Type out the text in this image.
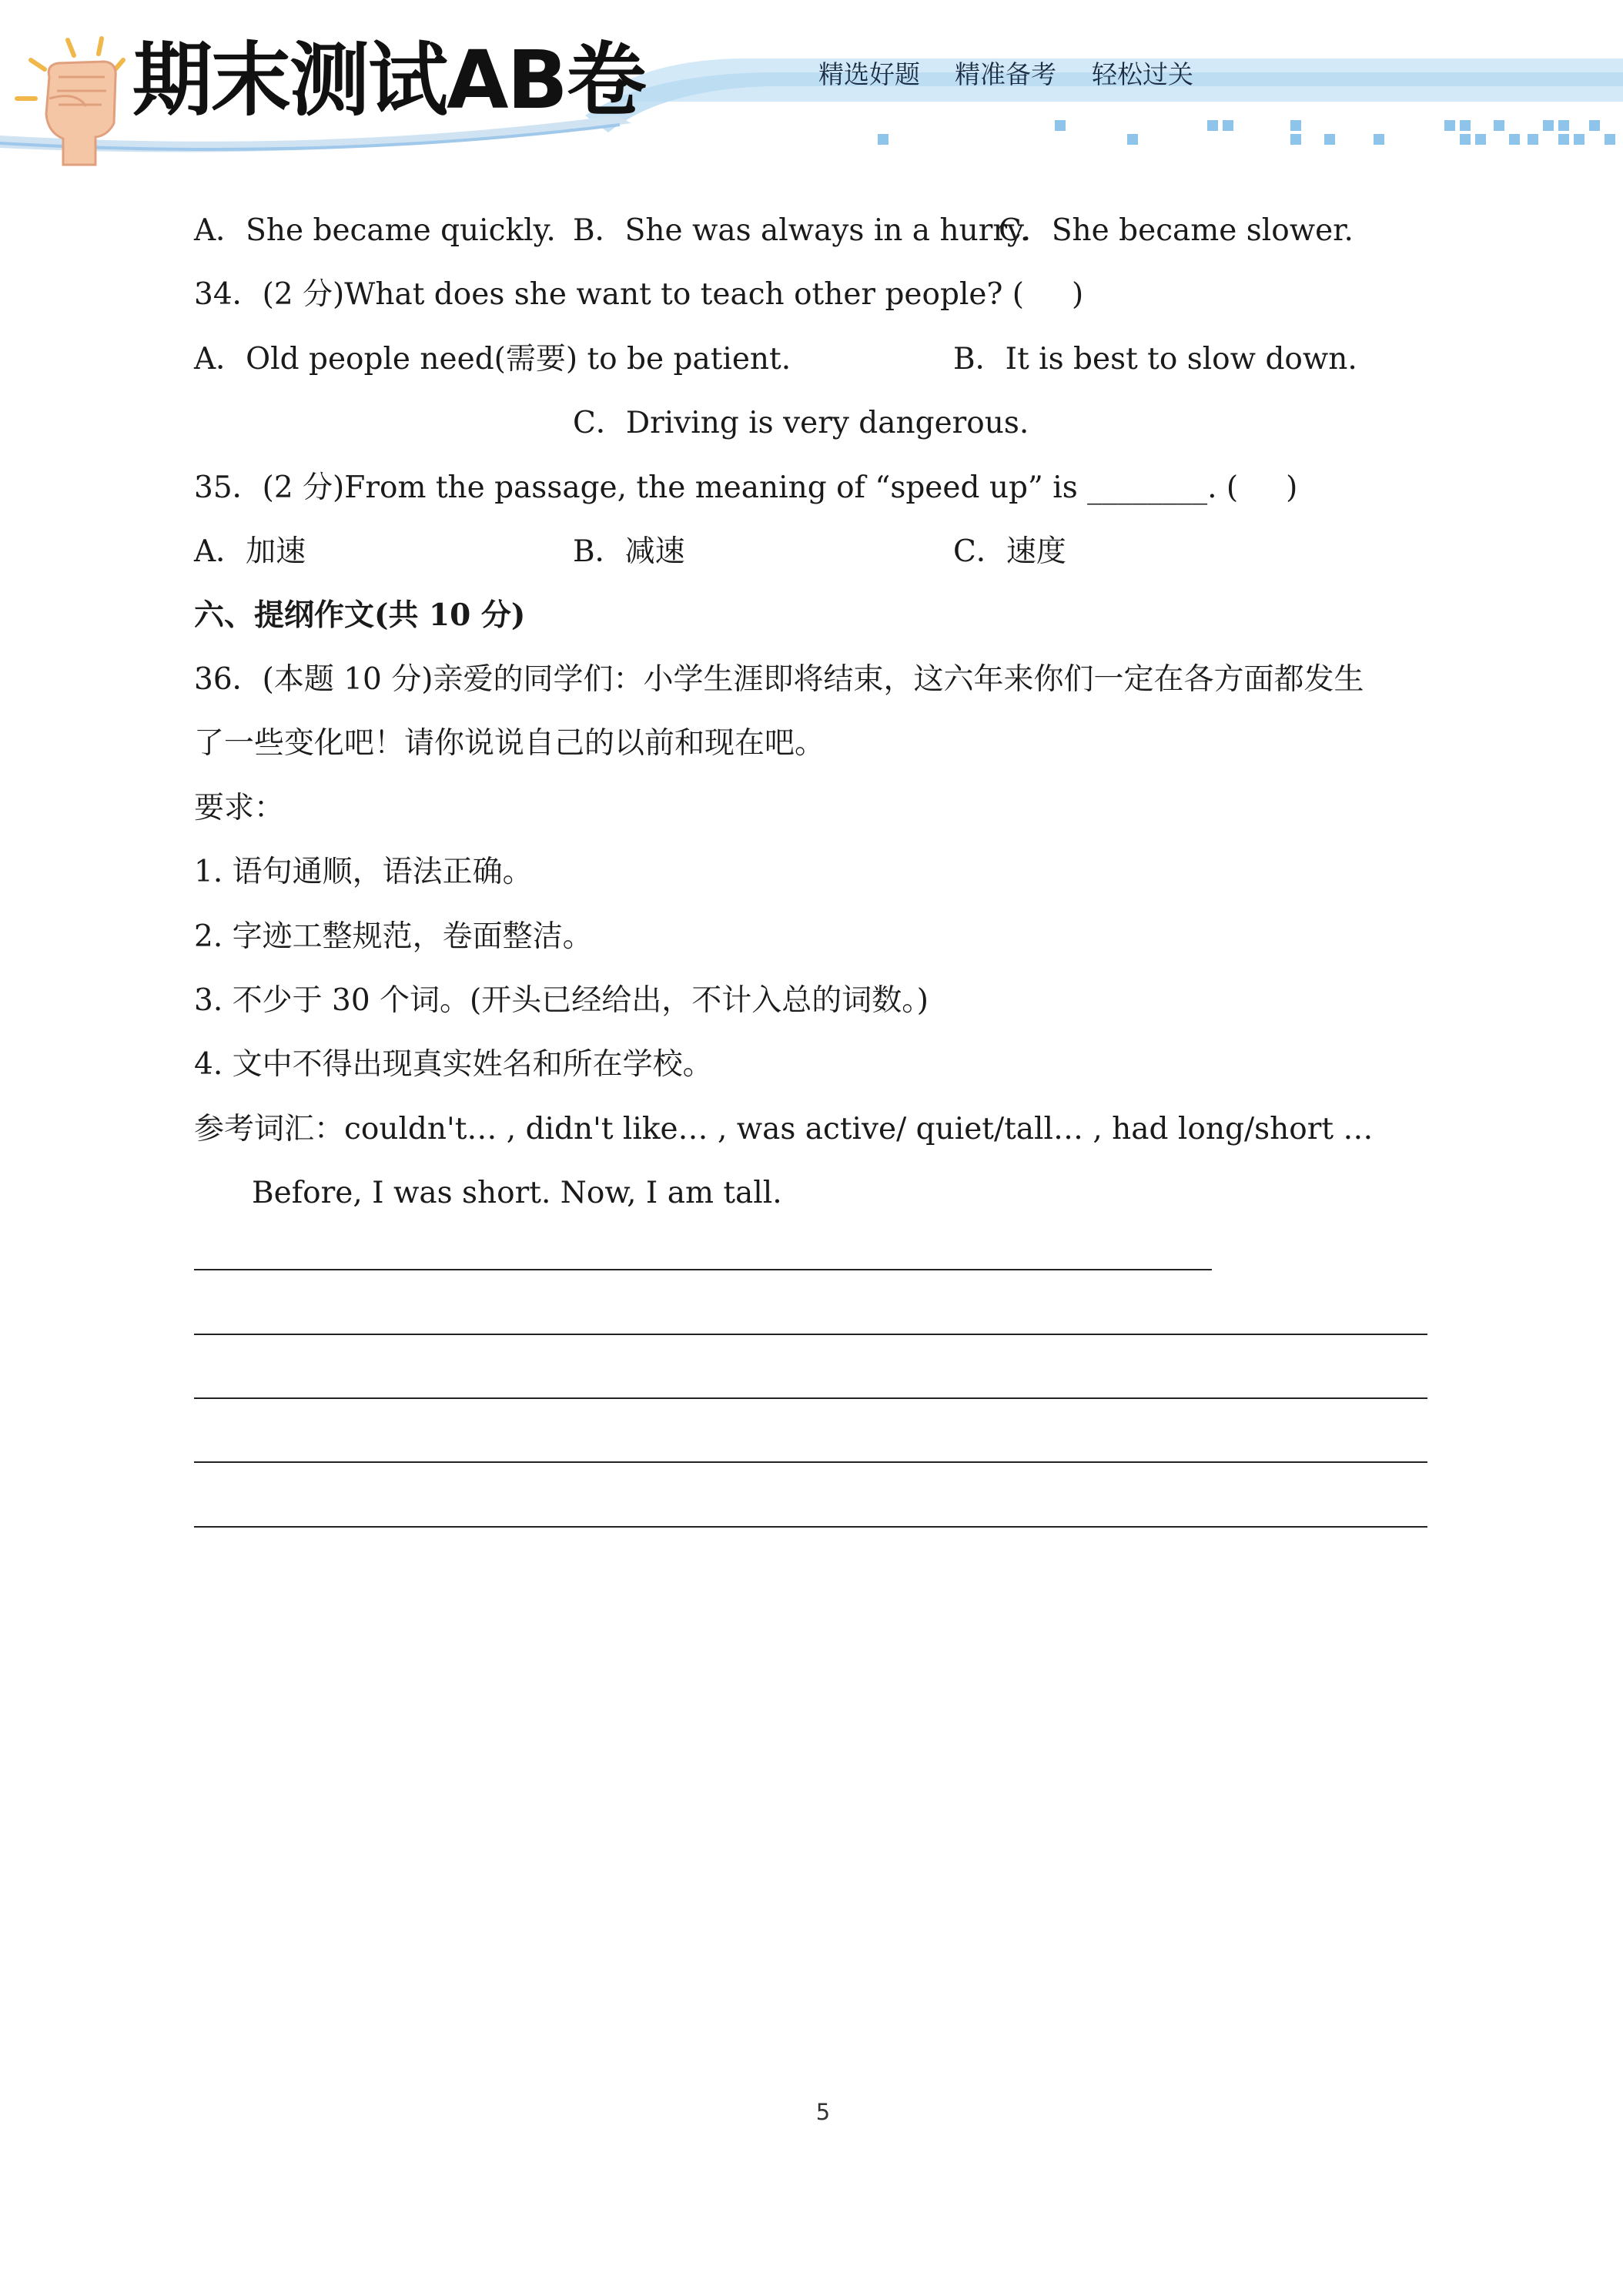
期末测试AB卷	精选好题 精准备考 轻松过关
A．She became quickly. B．She was always in a hurry.
C．She became slower.
34．(2 分)What does she want to teach other people? (     )
A．Old people need(需要) to be patient.	B．It is best to slow down.
C．Driving is very dangerous.
35．(2 分)From the passage, the meaning of “speed up” is ________. (     )
A．加速	B．减速	C．速度
六、提纲作文(共 10 分)
36．(本题 10 分)亲爱的同学们：小学生涯即将结束，这六年来你们一定在各方面都发生
了一些变化吧！请你说说自己的以前和现在吧。
要求：
1. 语句通顺，语法正确。
2. 字迹工整规范，卷面整洁。
3. 不少于 30 个词。(开头已经给出，不计入总的词数。)
4. 文中不得出现真实姓名和所在学校。
参考词汇：couldn't… , didn't like… , was active/ quiet/tall… , had long/short …
Before, I was short. Now, I am tall.
5
